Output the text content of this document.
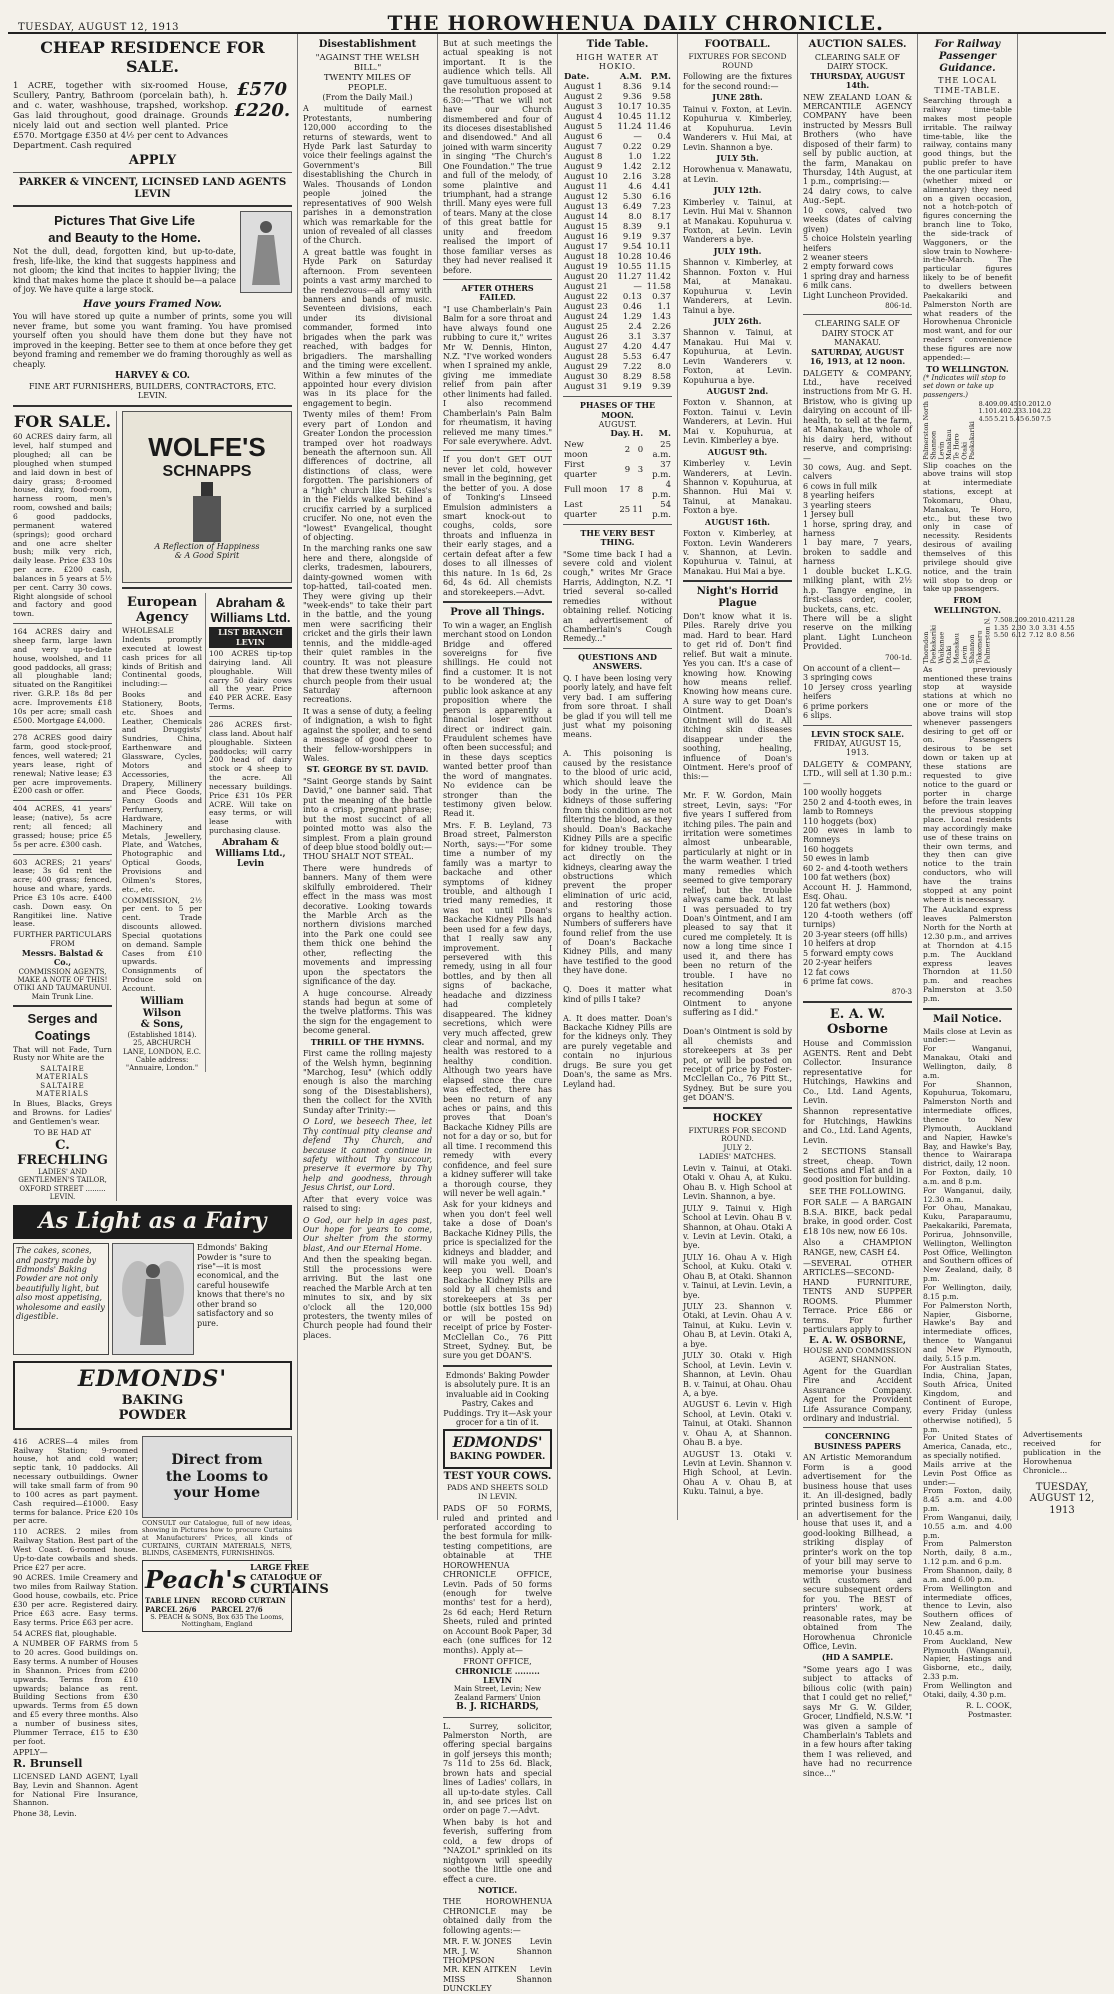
TUESDAY, AUGUST 12, 1913	THE HOROWHENUA DAILY CHRONICLE.
CHEAP RESIDENCE FOR SALE.

1 ACRE, together with six-roomed House, Scullery, Pantry, Bathroom (porcelain bath), h. and c. water, washhouse, trapshed, workshop. Gas laid throughout, good drainage. Grounds nicely laid out and section well planted. Price £570. Mortgage £350 at 4½ per cent to Advances Department. Cash required

£570
£220.
APPLY
PARKER & VINCENT, LICINSED LAND AGENTS LEVIN
Pictures That Give Life
and Beauty to the Home.

Not the dull, dead, forgotten kind, but up-to-date, fresh, life-like, the kind that suggests happiness and not gloom; the kind that incites to happier living; the kind that makes home the place it should be—a palace of joy. We have quite a large stock.

Have yours Framed Now.

You will have stored up quite a number of prints, some you will never frame, but some you want framing. You have promised yourself often you should have them done but they have not improved in the keeping. Better see to them at once before they get beyond framing and remember we do framing thoroughly as well as cheaply.

HARVEY & CO.
FINE ART FURNISHERS, BUILDERS, CONTRACTORS, ETC.
LEVIN.
FOR SALE.

60 ACRES dairy farm, all level, half stumped and ploughed; all can be ploughed when stumped and laid down in best of dairy grass; 8-roomed house, dairy, food-room, harness room, men's room, cowshed and bails; 6 good paddocks, permanent watered (springs); good orchard and one acre shelter bush; milk very rich, daily lease. Price £33 10s per acre. £200 cash, balances in 5 years at 5½ per cent. Carry 30 cows. Right alongside of school and factory and good town.

164 ACRES dairy and sheep farm, large lawn and very up-to-date house, woolshed, and 11 good paddocks, all grass; all ploughable land; situated on the Rangitikei river. G.R.P. 18s 8d per acre. Improvements £18 10s per acre; small cash £500. Mortgage £4,000.

278 ACRES good dairy farm, good stock-proof, fences, well watered; 21 years lease, right of renewal; Native lease; £3 per acre improvements. £200 cash or offer.

404 ACRES, 41 years' lease; (native), 5s acre rent; all fenced; all grassed; house; price £5 5s per acre. £300 cash.

603 ACRES; 21 years' lease; 3s 6d rent the acre; 400 grass; fenced, house and whare, yards. Price £3 10s acre. £400 cash. Down easy. On Rangitikei line. Native lease.

FURTHER PARTICULARS FROM
Messrs. Balstad & Co.,
COMMISSION AGENTS, MAKE A NOTE OF THIS! OTIKI AND TAUMARUNUI. Main Trunk Line.
Serges and
Coatings

That will not Fade, Turn Rusty nor White are the

SALTAIRE MATERIALS
SALTAIRE MATERIALS

In Blues, Blacks, Greys and Browns. for Ladies' and Gentlemen's wear.

TO BE HAD AT
C. FRECHLING
LADIES' AND GENTLEMEN'S TAILOR,
OXFORD STREET ......... LEVIN.
WOLFE'S
SCHNAPPS
A Reflection of Happiness
& A Good Spirit
European Agency

WHOLESALE Indents promptly executed at lowest cash prices for all kinds of British and Continental goods, including:—

Books and Stationery, Boots, etc. Shoes and Leather, Chemicals and Druggists' Sundries, China, Earthenware and Glassware, Cycles, Motors and Accessories, Drapery, Millinery and Piece Goods, Fancy Goods and Perfumery, Hardware, Machinery and Metals, Jewellery, Plate, and Watches, Photographic and Optical Goods, Provisions and Oilmen's Stores, etc., etc.

COMMISSION, 2½ per cent. to 5 per cent. Trade discounts allowed. Special quotations on demand. Sample Cases from £10 upwards. Consignments of Produce sold on Account.

William Wilson
& Sons,
(Established 1814).
25, ABCHURCH LANE, LONDON, E.C.
Cable address: "Annuaire, London."
Abraham & Williams Ltd.
LIST BRANCH LEVIN

100 ACRES tip-top dairying land. All ploughable. Will carry 50 dairy cows all the year. Price £40 PER ACRE. Easy Terms.

286 ACRES first-class land. About half ploughable. Sixteen paddocks; will carry 200 head of dairy stock or 4 sheep to the acre. All necessary buildings. Price £31 10s PER ACRE. Will take on easy terms, or will lease with purchasing clause.

Abraham & Williams Ltd., Levin
As Light as a Fairy
The cakes, scones, and pastry made by Edmonds' Baking Powder are not only beautifully light, but also most appetising, wholesome and easily digestible.
Edmonds' Baking Powder is "sure to rise"—it is most economical, and the careful housewife knows that there's no other brand so satisfactory and so pure.
EDMONDS'
BAKING
POWDER

416 ACRES—4 miles from Railway Station; 9-roomed house, hot and cold water; septic tank, 10 paddocks. All necessary outbuildings. Owner will take small farm of from 90 to 100 acres as part payment. Cash required—£1000. Easy terms for balance. Price £20 10s per acre.

110 ACRES. 2 miles from Railway Station. Best part of the West Coast. 6-roomed house. Up-to-date cowbails and sheds. Price £27 per acre.

90 ACRES. 1mile Creamery and two miles from Railway Station. Good house, cowbails, etc. Price £30 per acre. Registered dairy. Price £63 acre. Easy terms. Easy terms. Price £63 per acre.

54 ACRES flat, ploughable.

A NUMBER OF FARMS from 5 to 20 acres. Good buildings on. Easy terms. A number of Houses in Shannon. Prices from £200 upwards. Terms from £10 upwards; balance as rent. Building Sections from £30 upwards. Terms from £5 down and £5 every three months. Also a number of business sites, Plummer Terrace, £15 to £30 per foot.

APPLY—
R. Brunsell

LICENSED LAND AGENT, Lyall Bay, Levin and Shannon. Agent for National Fire Insurance, Shannon.

Phone 38, Levin.
Direct from
the Looms to
your Home

CONSULT our Catalogue, full of new ideas, showing in Pictures how to procure Curtains at Manufacturers' Prices, all kinds of CURTAINS, CURTAIN MATERIALS, NETS, BLINDS, CASEMENTS, FURNISHINGS.

Peach's LARGE FREE
CATALOGUE OF
CURTAINS
TABLE LINEN PARCEL 26/6
RECORD CURTAIN PARCEL 27/6
S. PEACH & SONS, Box 635 The Looms, Nottingham, England
Disestablishment
"AGAINST THE WELSH BILL."
TWENTY MILES OF PEOPLE.
(From the Daily Mail.)

A multitude of earnest Protestants, numbering 120,000 according to the returns of stewards, went to Hyde Park last Saturday to voice their feelings against the Government's Bill disestablishing the Church in Wales. Thousands of London people joined the representatives of 900 Welsh parishes in a demonstration which was remarkable for the union of revealed of all classes of the Church.

A great battle was fought in Hyde Park on Saturday afternoon. From seventeen points a vast army marched to the rendezvous—all army with banners and bands of music. Seventeen divisions, each under its divisional commander, formed into brigades when the park was reached, with badges for brigadiers. The marshalling and the timing were excellent. Within a few minutes of the appointed hour every division was in its place for the engagement to begin.

Twenty miles of them! From every part of London and Greater London the procession tramped over hot roadways beneath the afternoon sun. All differences of doctrine, all distinctions of class, were forgotten. The parishioners of a "high" church like St. Giles's in the Fields walked behind a crucifix carried by a surpliced crucifer. No one, not even the "lowest" Evangelical, thought of objecting.

In the marching ranks one saw here and there, alongside of clerks, tradesmen, labourers, dainty-gowned women with top-hatted, tail-coated men. They were giving up their "week-ends" to take their part in the battle, and the young men were sacrificing their cricket and the girls their lawn tennis, and the middle-aged their quiet rambles in the country. It was not pleasure that drew these twenty miles of church people from their usual Saturday afternoon recreations.

It was a sense of duty, a feeling of indignation, a wish to fight against the spoiler, and to send a message of good cheer to their fellow-worshippers in Wales.

ST. GEORGE BY ST. DAVID.

"Saint George stands by Saint David," one banner said. That put the meaning of the battle into a crisp, pregnant phrase; but the most succinct of all pointed motto was also the simplest. From a plain ground of deep blue stood boldly out:—THOU SHALT NOT STEAL.

There were hundreds of banners. Many of them were skilfully embroidered. Their effect in the mass was most decorative. Looking towards the Marble Arch as the northern divisions marched into the Park one could see them thick one behind the other, reflecting the movements and impressing upon the spectators the significance of the day.

A huge concourse. Already stands had begun at some of the twelve platforms. This was the sign for the engagement to become general.

THRILL OF THE HYMNS.

First came the rolling majesty of the Welsh hymn, beginning "Marchog, Iesu" (which oddly enough is also the marching song of the Disestablishers), then the collect for the XVIth Sunday after Trinity:—

O Lord, we beseech Thee, let Thy continual pity cleanse and defend Thy Church, and because it cannot continue in safety without Thy succour, preserve it evermore by Thy help and goodness, through Jesus Christ, our Lord.

After that every voice was raised to sing:

O God, our help in ages past, Our hope for years to come, Our shelter from the stormy blast, And our Eternal Home.

And then the speaking began. Still the processions were arriving. But the last one reached the Marble Arch at ten minutes to six, and by six o'clock all the 120,000 protesters, the twenty miles of Church people had found their places.

But at such meetings the actual speaking is not important. It is the audience which tells. All gave tumultuous assent to the resolution proposed at 6.30:—"That we will not have our Church dismembered and four of its dioceses disestablished and disendowed." And all joined with warm sincerity in singing "The Church's One Foundation." The true and full of the melody, of some plaintive and triumphant, had a strange thrill. Many eyes were full of tears. Many at the close of this great battle for unity and freedom realised the import of those familiar verses as they had never realised it before.

AFTER OTHERS FAILED.

"I use Chamberlain's Pain Balm for a sore throat and have always found one rubbing to cure it," writes Mr W. Dennis, Hinton, N.Z. "I've worked wonders when I sprained my ankle, giving me immediate relief from pain after other liniments had failed. I also recommend Chamberlain's Pain Balm for rheumatism, it having relieved me many times." For sale everywhere. Advt.

If you don't GET OUT never let cold, however small in the beginning, get the better of you. A dose of Tonking's Linseed Emulsion administers a smart knock-out to coughs, colds, sore throats and influenza in their early stages, and a certain defeat after a few doses to all illnesses of this nature. In 1s 6d, 2s 6d, 4s 6d. All chemists and storekeepers.—Advt.

Prove all Things.

To win a wager, an English merchant stood on London Bridge and offered sovereigns for five shillings. He could not find a customer. It is not to be wondered at; the public look askance at any proposition where the person is apparently a financial loser without direct or indirect gain. Fraudulent schemes have often been successful; and in these days sceptics wanted better proof than the word of mangnates. No evidence can be stronger than the testimony given below. Read it.

Mrs. F. B. Leyland, 73 Broad street, Palmerston North, says:—"For some time a number of my family was a martyr to backache and other symptoms of kidney trouble, and although I tried many remedies, it was not until Doan's Backache Kidney Pills had been used for a few days, that I really saw any improvement. I persevered with this remedy, using in all four bottles, and by then all signs of backache, headache and dizziness had completely disappeared. The kidney secretions, which were very much affected, grew clear and normal, and my health was restored to a healthy condition. Although two years have elapsed since the cure was effected, there has been no return of any aches or pains, and this proves that Doan's Backache Kidney Pills are not for a day or so, but for all time. I recommend this remedy with every confidence, and feel sure a kidney sufferer will take a thorough course, they will never be well again."

Ask for your kidneys and when you don't feel well take a dose of Doan's Backache Kidney Pills, the price is specialized for the kidneys and bladder, and will make you well, and keep you well. Doan's Backache Kidney Pills are sold by all chemists and storekeepers at 3s per bottle (six bottles 15s 9d) or will be posted on receipt of price by Foster-McClellan Co., 76 Pitt Street, Sydney. But, be sure you get DOAN'S.

Edmonds' Baking Powder is absolutely pure. It is an invaluable aid in Cooking Pastry, Cakes and Puddings. Try it—Ask your grocer for a tin of it.

EDMONDS'
BAKING POWDER.
TEST YOUR COWS.
PADS AND SHEETS SOLD IN LEVIN.

PADS OF 50 FORMS, ruled and printed and perforated according to the best formula for milk-testing competitions, are obtainable at THE HOROWHENUA CHRONICLE OFFICE, Levin. Pads of 50 forms (enough for twelve months' test for a herd), 2s 6d each; Herd Return Sheets, ruled and printed on Account Book Paper, 3d each (one suffices for 12 months). Apply at—

FRONT OFFICE,
CHRONICLE ......... LEVIN
Main Street, Levin; New Zealand Farmers' Union
B. J. RICHARDS,

L. Surrey, solicitor, Palmerston North, are offering special bargains in golf jerseys this month; 7s 11d to 25s 6d. Black, brown hats and special lines of Ladies' collars, in all up-to-date styles. Call in, and see prices list on order on page 7.—Advt.

When baby is hot and feverish, suffering from cold, a few drops of "NAZOL" sprinkled on its nightgown will speedily soothe the little one and effect a cure.

NOTICE.

THE HOROWHENUA CHRONICLE may be obtained daily from the following agents:—

MR. F. W. JONES Levin
MR. J. W. THOMPSON
Shannon
MR. KEN AITKEN Levin
MISS DUNCKLEY
Shannon
Tide Table.
HIGH WATER AT HOKIO.
Date.	A.M.	P.M.
August 1	8.36	9.14
August 2	9.36	9.58
August 3	10.17	10.35
August 4	10.45	11.12
August 5	11.24	11.46
August 6	—	0.4
August 7	0.22	0.29
August 8	1.0	1.22
August 9	1.42	2.12
August 10	2.16	3.28
August 11	4.6	4.41
August 12	5.30	6.16
August 13	6.49	7.23
August 14	8.0	8.17
August 15	8.39	9.1
August 16	9.19	9.37
August 17	9.54	10.11
August 18	10.28	10.46
August 19	10.55	11.15
August 20	11.27	11.42
August 21	—	11.58
August 22	0.13	0.37
August 23	0.46	1.1
August 24	1.29	1.43
August 25	2.4	2.26
August 26	3.1	3.37
August 27	4.20	4.47
August 28	5.53	6.47
August 29	7.22	8.0
August 30	8.29	8.58
August 31	9.19	9.39
PHASES OF THE MOON.
AUGUST.
	Day.	H.	M.
New moon	2	0	25 a.m.
First quarter	9	3	37 p.m.
Full moon	17	8	4 p.m.
Last quarter	25	11	54 p.m.
THE VERY BEST THING.

"Some time back I had a severe cold and violent cough," writes Mr Grace Harris, Addington, N.Z. "I tried several so-called remedies without obtaining relief. Noticing an advertisement of Chamberlain's Cough Remedy..."

QUESTIONS AND ANSWERS.

Q. I have been losing very poorly lately, and have felt very bad. I am suffering from sore throat. I shall be glad if you will tell me just what my poisoning means.

A. This poisoning is caused by the resistance to the blood of uric acid, which should leave the body in the urine. The kidneys of those suffering from this condition are not filtering the blood, as they should. Doan's Backache Kidney Pills are a specific for kidney trouble. They act directly on the kidneys, clearing away the obstructions which prevent the proper elimination of uric acid, and restoring those organs to healthy action. Numbers of sufferers have found relief from the use of Doan's Backache Kidney Pills, and many have testified to the good they have done.

Q. Does it matter what kind of pills I take?

A. It does matter. Doan's Backache Kidney Pills are for the kidneys only. They are purely vegetable and contain no injurious drugs. Be sure you get Doan's, the same as Mrs. Leyland had.

FOOTBALL.
FIXTURES FOR SECOND ROUND

Following are the fixtures for the second round:—

JUNE 28th.

Tainui v. Foxton, at Levin. Kopuhurua v. Kimberley, at Kopuhurua. Levin Wanderers v. Hui Mai, at Levin. Shannon a bye.

JULY 5th.

Horowhenua v. Manawatu, at Levin.

JULY 12th.

Kimberley v. Tainui, at Levin. Hui Mai v. Shannon at Manakau. Kopuhurua v. Foxton, at Levin. Levin Wanderers a bye.

JULY 19th.

Shannon v. Kimberley, at Shannon. Foxton v. Hui Mai, at Manakau. Kopuhurua v. Levin Wanderers, at Levin. Tainui a bye.

JULY 26th.

Shannon v. Tainui, at Manakau. Hui Mai v. Kopuhurua, at Levin. Levin Wanderers v. Foxton, at Levin. Kopuhurua a bye.

AUGUST 2nd.

Foxton v. Shannon, at Foxton. Tainui v. Levin Wanderers, at Levin. Hui Mai v. Kopuhurua, at Levin. Kimberley a bye.

AUGUST 9th.

Kimberley v. Levin Wanderers, at Levin. Shannon v. Kopuhurua, at Shannon. Hui Mai v. Tainui, at Manakau. Foxton a bye.

AUGUST 16th.

Foxton v. Kimberley, at Foxton. Levin Wanderers v. Shannon, at Levin. Kopuhurua v. Tainui, at Manakau. Hui Mai a bye.

Night's Horrid Plague

Don't know what it is. Piles. Rarely drive you mad. Hard to bear. Hard to get rid of. Don't find relief. But wait a minute. Yes you can. It's a case of knowing how. Knowing how means relief. Knowing how means cure. A sure way to get Doan's Ointment. Doan's Ointment will do it. All itching skin diseases disappear under the soothing, healing, influence of Doan's Ointment. Here's proof of this:—

Mr. F. W. Gordon, Main street, Levin, says: "For five years I suffered from itching piles. The pain and irritation were sometimes almost unbearable, particularly at night or in the warm weather. I tried many remedies which seemed to give temporary relief, but the trouble always came back. At last I was persuaded to try Doan's Ointment, and I am pleased to say that it cured me completely. It is now a long time since I used it, and there has been no return of the trouble. I have no hesitation in recommending Doan's Ointment to anyone suffering as I did."

Doan's Ointment is sold by all chemists and storekeepers at 3s per pot, or will be posted on receipt of price by Foster-McClellan Co., 76 Pitt St., Sydney. But be sure you get DOAN'S.

HOCKEY
FIXTURES FOR SECOND ROUND.
JULY 2.
LADIES' MATCHES.

Levin v. Tainui, at Otaki. Otaki v. Ohau A, at Kuku. Ohau B. v. High School at Levin. Shannon, a bye.

JULY 9. Tainui v. High School at Levin. Ohau B v. Shannon, at Ohau. Otaki A v. Levin at Levin. Otaki, a bye.

JULY 16. Ohau A v. High School, at Kuku. Otaki v. Ohau B, at Otaki. Shannon v. Tainui, at Levin. Levin, a bye.

JULY 23. Shannon v. Otaki, at Levin. Ohau A v. Tainui, at Kuku. Levin v. Ohau B, at Levin. Otaki A, a bye.

JULY 30. Otaki v. High School, at Levin. Levin v. Shannon, at Levin. Ohau B. v. Tainui, at Ohau. Ohau A, a bye.

AUGUST 6. Levin v. High School, at Levin. Otaki v. Tainui, at Otaki. Shannon v. Ohau A, at Shannon. Ohau B. a bye.

AUGUST 13. Otaki v. Levin at Levin. Shannon v. High School, at Levin. Ohau A v. Ohau B, at Kuku. Tainui, a bye.

AUCTION SALES.
CLEARING SALE OF DAIRY STOCK.
THURSDAY, AUGUST 14th.

NEW ZEALAND LOAN & MERCANTILE AGENCY COMPANY have been instructed by Messrs Bull Brothers (who have disposed of their farm) to sell by public auction, at the farm, Manakau on Thursday, 14th August, at 1 p.m., comprising:—
24 dairy cows, to calve Aug.-Sept.
10 cows, calved two weeks (dates of calving given)
5 choice Holstein yearling heifers
2 weaner steers
2 empty forward cows
1 spring dray and harness
6 milk cans.
Light Luncheon Provided.

806-1d.
CLEARING SALE OF DAIRY STOCK AT MANAKAU.
SATURDAY, AUGUST 16, 1913, at 12 noon.

DALGETY & COMPANY, Ltd., have received instructions from Mr G. H. Bristow, who is giving up dairying on account of ill-health, to sell at the farm, at Manakau, the whole of his dairy herd, without reserve, and comprising:—
30 cows, Aug. and Sept. calvers
6 cows in full milk
8 yearling heifers
3 yearling steers
1 Jersey bull
1 horse, spring dray, and harness
1 bay mare, 7 years, broken to saddle and harness
1 double bucket L.K.G. milking plant, with 2½ h.p. Tangye engine, in first-class order, cooler, buckets, cans, etc.
There will be a slight reserve on the milking plant. Light Luncheon Provided.

700-1d.

On account of a client—
3 springing cows
10 Jersey cross yearling heifers
6 prime porkers
6 slips.

LEVIN STOCK SALE.
FRIDAY, AUGUST 15, 1913.

DALGETY & COMPANY, LTD., will sell at 1.30 p.m.:—
100 woolly hoggets
250 2 and 4-tooth ewes, in lamb to Romneys
110 hoggets (box)
200 ewes in lamb to Romneys
160 hoggets
50 ewes in lamb
60 2- and 4-tooth wethers
100 fat wethers (box)
Account H. J. Hammond, Esq. Ohau.
120 fat wethers (box)
120 4-tooth wethers (off turnips)
20 3-year steers (off hills)
10 heifers at drop
5 forward empty cows
20 2-year heifers
12 fat cows
6 prime fat cows.

870-3
E. A. W. Osborne

House and Commission AGENTS. Rent and Debt Collector. Insurance representative for Hutchings, Hawkins and Co., Ltd. Land Agents, Levin.

Shannon representative for Hutchings, Hawkins and Co., Ltd. Land Agents, Levin.

2 SECTIONS Stansall street, cheap. Town Sections and Flat and in a good position for building.

SEE THE FOLLOWING.

FOR SALE — A BARGAIN B.S.A. BIKE, back pedal brake, in good order. Cost £18 10s new, now £6 10s.

Also a CHAMPION RANGE, new, CASH £4.

—SEVERAL OTHER ARTICLES—SECOND-HAND FURNITURE, TENTS AND SUPPER ROOMS. Plummer Terrace. Price £86 or terms. For further particulars apply to

E. A. W. OSBORNE,
HOUSE AND COMMISSION AGENT, SHANNON.

Agent for the Guardian Fire and Accident Assurance Company. Agent for the Provident Life Assurance Company, ordinary and industrial.

CONCERNING BUSINESS PAPERS

AN Artistic Memorandum Form is a good advertisement for the business house that uses it. An ill-designed, badly printed business form is an advertisement for the house that uses it, and a good-looking Billhead, a striking display of printer's work on the top of your bill may serve to memorise your business with customers and secure subsequent orders for you. The BEST of printers' work, at reasonable rates, may be obtained from The Horowhenua Chronicle Office, Levin.

(HD A SAMPLE.

"Some years ago I was subject to attacks of bilious colic (with pain) that I could get no relief," says Mr G. W. Gilder, Grocer, Lindfield, N.S.W. "I was given a sample of Chamberlain's Tablets and in a few hours after taking them I was relieved, and have had no recurrence since..."

For Railway Passenger Guidance.
THE LOCAL TIME-TABLE.

Searching through a railway time-table makes most people irritable. The railway time-table, like the railway, contains many good things, but the public prefer to have the one particular item (whether mixed or alimentary) they need on a given occasion, not a hotch-potch of figures concerning the branch line to Toko, the side-track of Waggoners, or the slow train to Nowhere-in-the-March. The particular figures likely to be of benefit to dwellers between Paekakariki and Palmerston North are what readers of the Horowhenua Chronicle most want, and for our readers' convenience these figures are now appended:—

TO WELLINGTON.
(* Indicates will stop to set down or take up passengers.)
Palmerston North Shannon Levin Manakau Te Horo Otaki Paekakariki
8.40 9.0 9.45 10.20 12.0
1.10 1.40 2.23 3.10 4.22
4.55 5.21 5.45 6.50 7.5

Slip coaches on the above trains will stop at intermediate stations, except at Tokomaru, Ohau, Manakau, Te Horo, etc., but these two only in case of necessity. Residents desirous of availing themselves of this privilege should give notice, and the train will stop to drop or take up passengers.

FROM WELLINGTON.
Thorndon Paekakariki Waikanae Otaki Manakau Levin Shannon Tokomaru Palmerston N. 7.50 8.20 9.20 10.42 11.28
1.35 2.30 3.0 3.31 4.55
5.50 6.12 7.12 8.0 8.56

As previously mentioned these trains stop at wayside stations at which no one or more of the above trains will stop whenever passengers desiring to get off or on. Passengers desirous to be set down or taken up at these stations are requested to give notice to the guard or porter in charge before the train leaves the previous stopping place. Local residents may accordingly make use of these trains on their own terms, and they then can give notice to the train conductors, who will have the trains stopped at any point where it is necessary.

The Auckland express leaves Palmerston North for the North at 12.30 p.m., and arrives at Thorndon at 4.15 p.m. The Auckland express leaves Thorndon at 11.50 p.m. and reaches Palmerston at 3.50 p.m.

Mail Notice.

Mails close at Levin as under:—
For Wanganui, Manakau, Otaki and Wellington, daily, 8 a.m.
For Shannon, Kopuhurua, Tokomaru, Palmerston North and intermediate offices, thence to New Plymouth, Auckland and Napier, Hawke's Bay, and Hawke's Bay, thence to Wairarapa district, daily, 12 noon.
For Foxton, daily, 10 a.m. and 8 p.m.
For Wanganui, daily, 12.30 a.m.
For Ohau, Manakau, Kuku, Paraparaumu, Paekakariki, Paremata, Porirua, Johnsonville, Wellington, Wellington Post Office, Wellington and Southern offices of New Zealand, daily, 8 p.m.
For Wellington, daily, 8.15 p.m.
For Palmerston North, Napier, Gisborne, Hawke's Bay and intermediate offices, thence to Wanganui and New Plymouth, daily, 5.15 p.m.
For Australian States, India, China, Japan, South Africa, United Kingdom, and Continent of Europe, every Friday (unless otherwise notified), 5 p.m.
For United States of America, Canada, etc., as specially notified.
Mails arrive at the Levin Post Office as under:—
From Foxton, daily, 8.45 a.m. and 4.00 p.m.
From Wanganui, daily, 10.55 a.m. and 4.00 p.m.
From Palmerston North, daily, 8 a.m., 1.12 p.m. and 6 p.m.
From Shannon, daily, 8 a.m. and 6.00 p.m.
From Wellington and intermediate offices, thence to Levin, also Southern offices of New Zealand, daily, 10.45 a.m.
From Auckland, New Plymouth (Wanganui), Napier, Hastings and Gisborne, etc., daily, 2.33 p.m.
From Wellington and Otaki, daily, 4.30 p.m.

R. L. COOK, Postmaster.

Advertisements received for publication in the Horowhenua Chronicle...

TUESDAY, AUGUST 12, 1913
